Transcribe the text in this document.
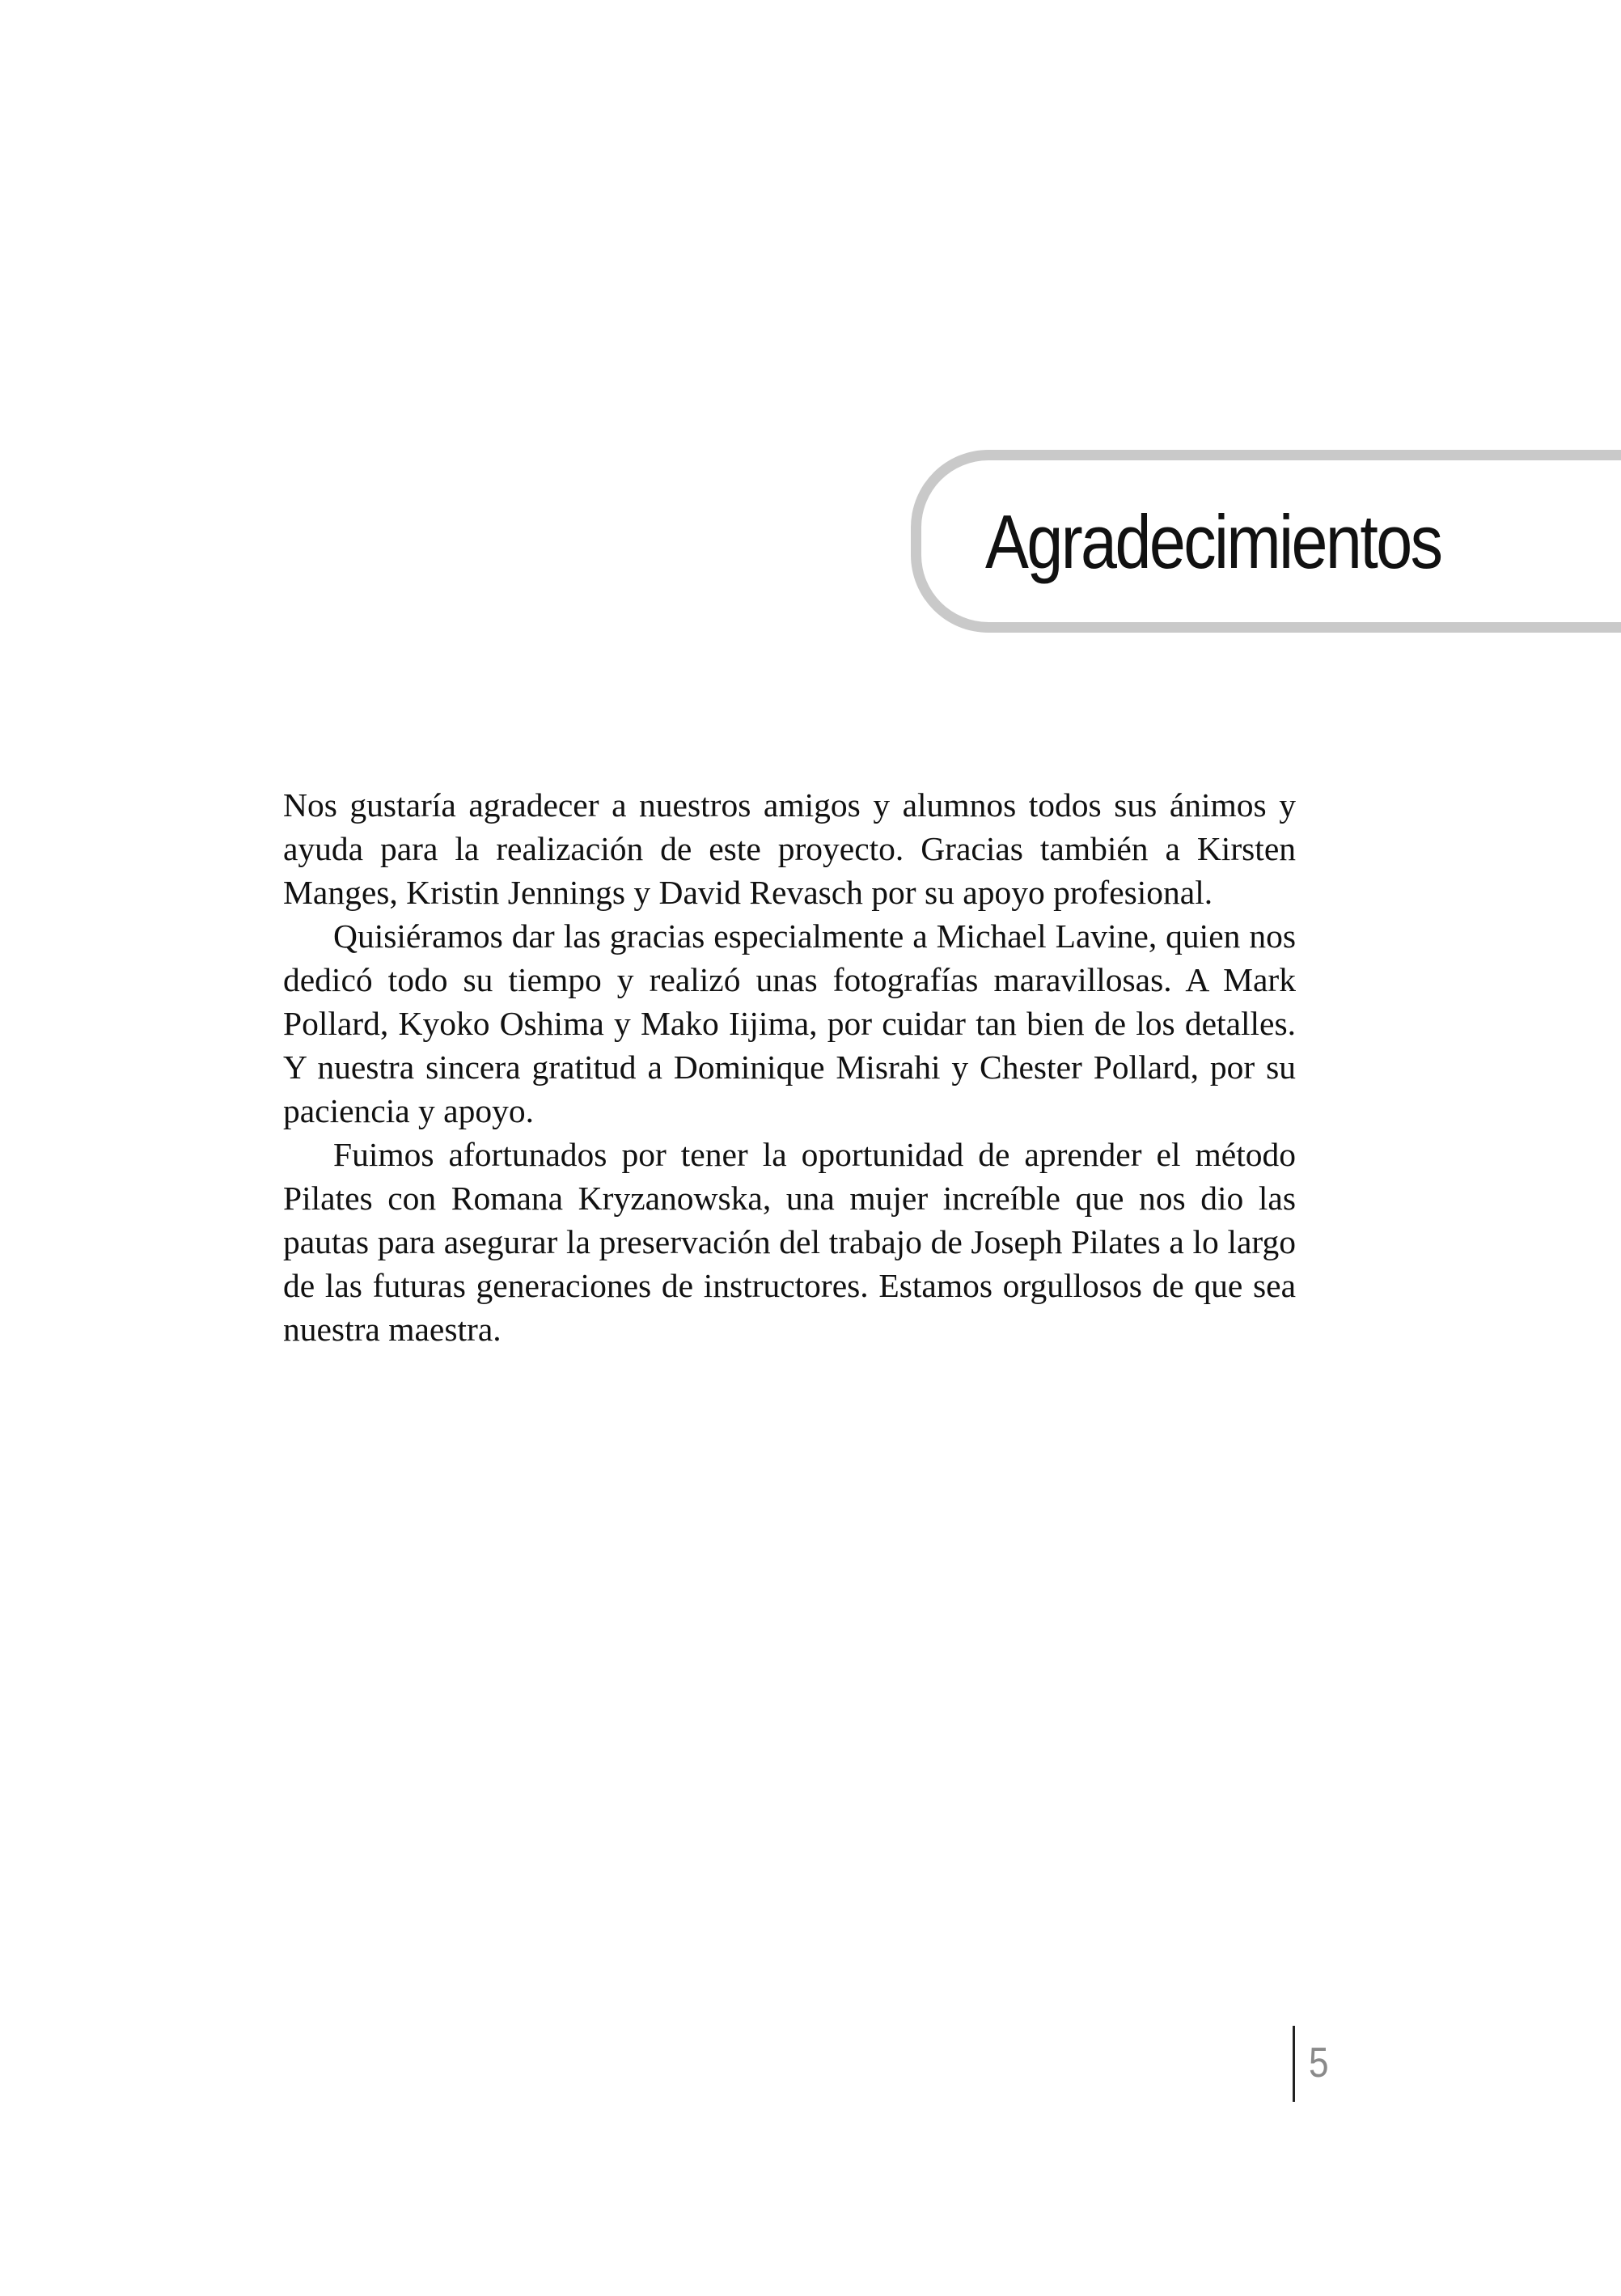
Agradecimientos

Nos gustaría agradecer a nuestros amigos y alumnos todos sus ánimos y ayuda para la realización de este proyecto. Gracias también a Kirsten Manges, Kristin Jennings y David Revasch por su apoyo profesional.

Quisiéramos dar las gracias especialmente a Michael Lavine, quien nos dedicó todo su tiempo y realizó unas fotografías maravillosas. A Mark Pollard, Kyoko Oshima y Mako Iijima, por cuidar tan bien de los detalles. Y nuestra sincera gratitud a Dominique Misrahi y Chester Pollard, por su paciencia y apoyo.

Fuimos afortunados por tener la oportunidad de aprender el método Pilates con Romana Kryzanowska, una mujer increíble que nos dio las pautas para asegurar la preservación del trabajo de Joseph Pilates a lo largo de las futuras generaciones de instructores. Estamos orgullosos de que sea nuestra maestra.

5
